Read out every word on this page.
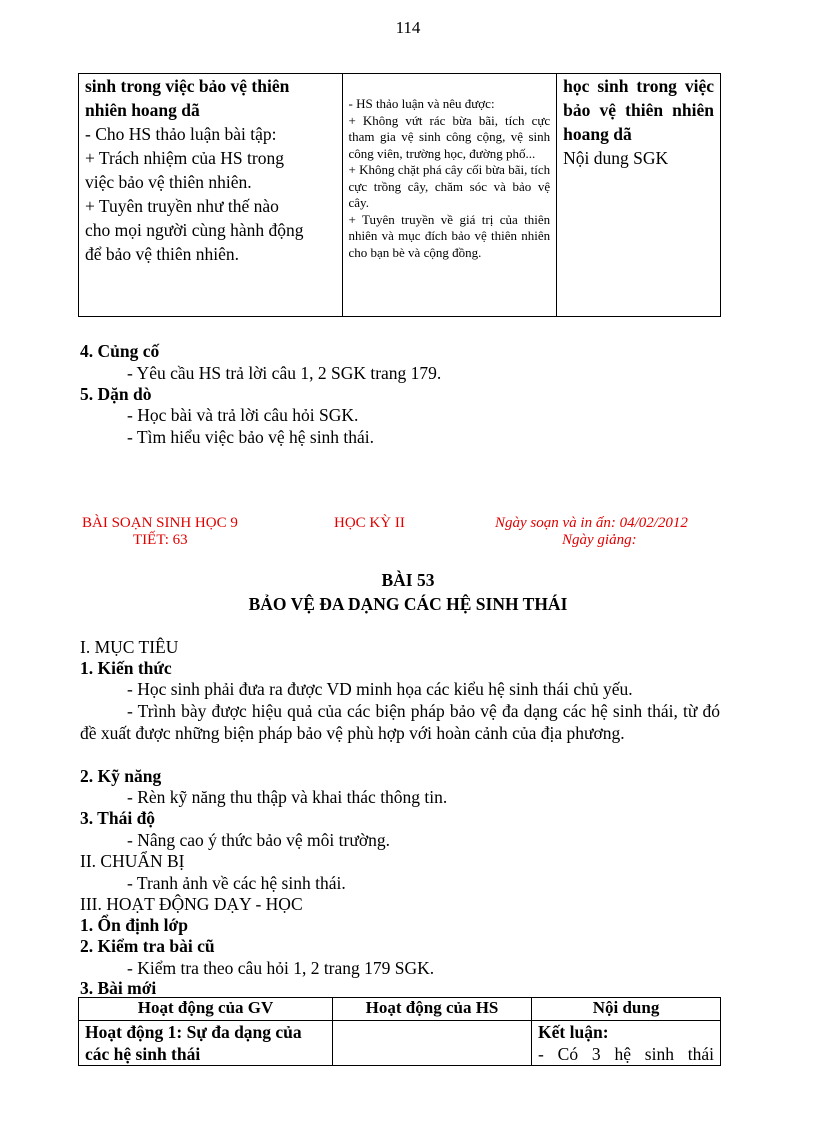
114
sinh trong việc bảo vệ thiên
nhiên hoang dã
- Cho HS thảo luận bài tập:
+ Trách nhiệm của HS trong
việc bảo vệ thiên nhiên.
+ Tuyên truyền như thế nào
cho mọi người cùng hành động
để bảo vệ thiên nhiên.

- HS thảo luận và nêu được:
+ Không vứt rác bừa bãi, tích cực tham gia vệ sinh công cộng, vệ sinh công viên, trường học, đường phố...
+ Không chặt phá cây cối bừa bãi, tích cực trồng cây, chăm sóc và bảo vệ cây.
+ Tuyên truyền về giá trị của thiên nhiên và mục đích bảo vệ thiên nhiên cho bạn bè và cộng đồng.

học sinh trong việc bảo vệ thiên nhiên hoang dã
Nội dung SGK
4. Củng cố
- Yêu cầu HS trả lời câu 1, 2 SGK trang 179.
5. Dặn dò
- Học bài và trả lời câu hỏi SGK.
- Tìm hiểu việc bảo vệ hệ sinh thái.
BÀI SOẠN SINH HỌC 9
TIẾT: 63
HỌC KỲ II	Ngày soạn và in ấn: 04/02/2012
Ngày giảng:
BÀI 53
BẢO VỆ ĐA DẠNG CÁC HỆ SINH THÁI
I. MỤC TIÊU
1. Kiến thức
- Học sinh phải đưa ra được VD minh họa các kiểu hệ sinh thái chủ yếu.
- Trình bày được hiệu quả của các biện pháp bảo vệ đa dạng các hệ sinh thái, từ đó đề xuất được những biện pháp bảo vệ phù hợp với hoàn cảnh của địa phương.
2. Kỹ năng
- Rèn kỹ năng thu thập và khai thác thông tin.
3. Thái độ
- Nâng cao ý thức bảo vệ môi trường.
II. CHUẨN BỊ
- Tranh ảnh về các hệ sinh thái.
III. HOẠT ĐỘNG DẠY - HỌC
1. Ổn định lớp
2. Kiểm tra bài cũ
- Kiểm tra theo câu hỏi 1, 2 trang 179 SGK.
3. Bài mới
Hoạt động của GV	Hoạt động của HS	Nội dung
Hoạt động 1: Sự đa dạng của các hệ sinh thái		Kết luận:
- Có 3 hệ sinh thái
